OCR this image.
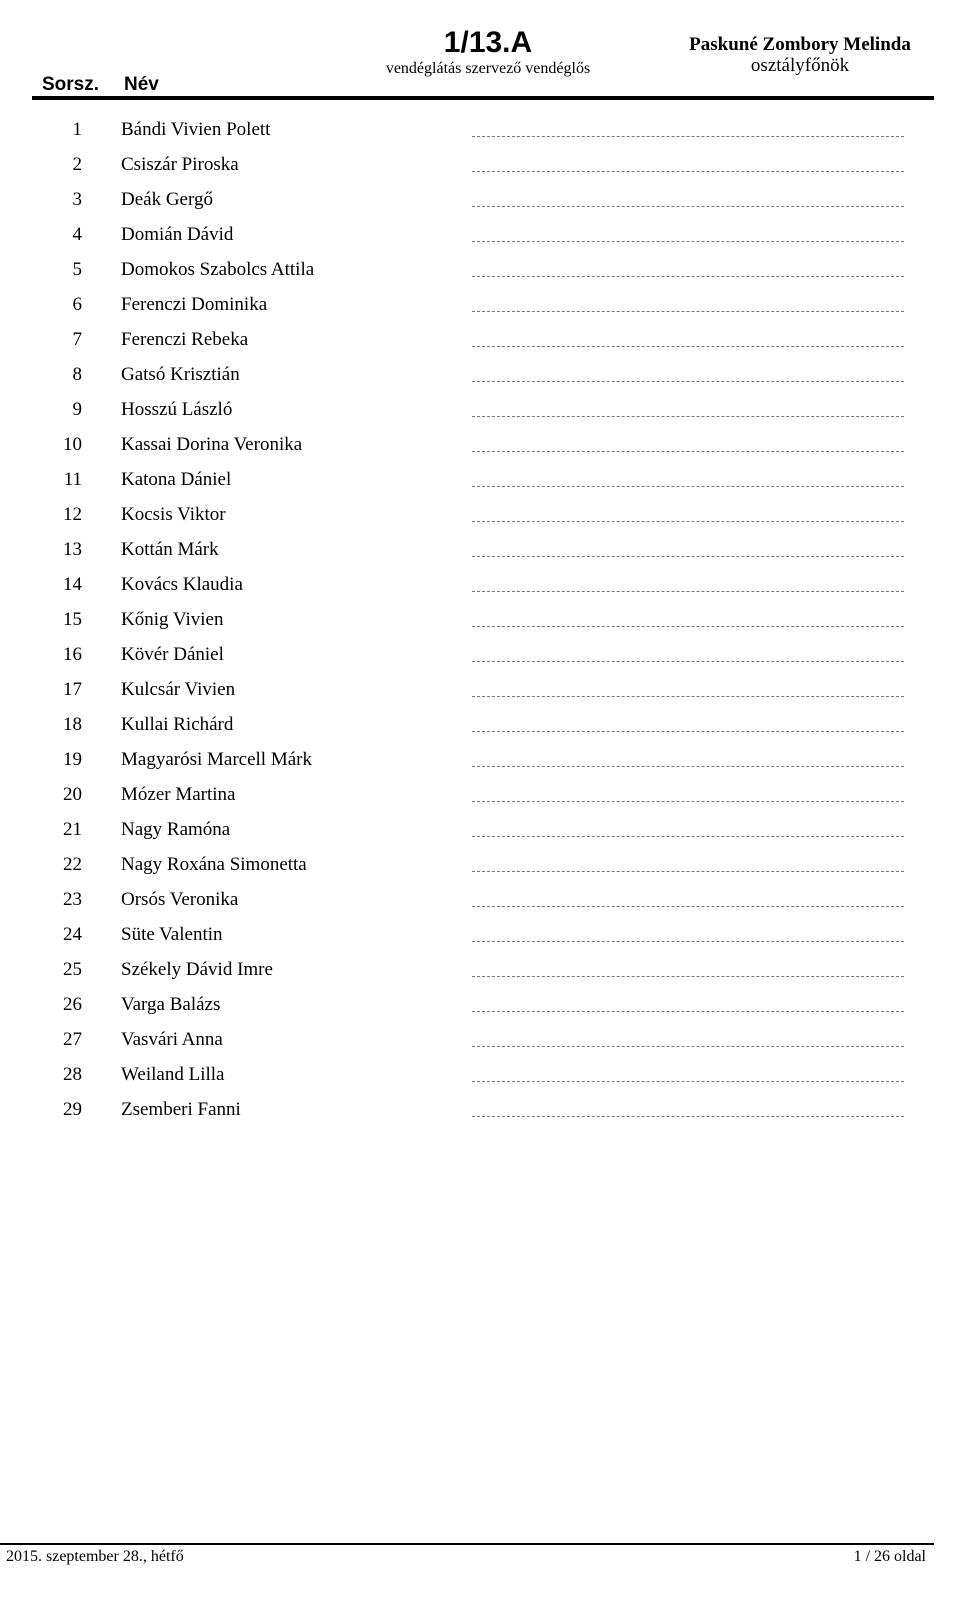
Sorsz. Név
1/13.A
vendéglátás szervező vendéglős
Paskuné Zombory Melinda
osztályfőnök
1 Bándi Vivien Polett
2 Csiszár Piroska
3 Deák Gergő
4 Domián Dávid
5 Domokos Szabolcs Attila
6 Ferenczi Dominika
7 Ferenczi Rebeka
8 Gatsó Krisztián
9 Hosszú László
10 Kassai Dorina Veronika
11 Katona Dániel
12 Kocsis Viktor
13 Kottán Márk
14 Kovács Klaudia
15 Kőnig Vivien
16 Kövér Dániel
17 Kulcsár Vivien
18 Kullai Richárd
19 Magyarósi Marcell Márk
20 Mózer Martina
21 Nagy Ramóna
22 Nagy Roxána Simonetta
23 Orsós Veronika
24 Süte Valentin
25 Székely Dávid Imre
26 Varga Balázs
27 Vasvári Anna
28 Weiland Lilla
29 Zsemberi Fanni
2015. szeptember 28., hétfő	1 / 26 oldal
